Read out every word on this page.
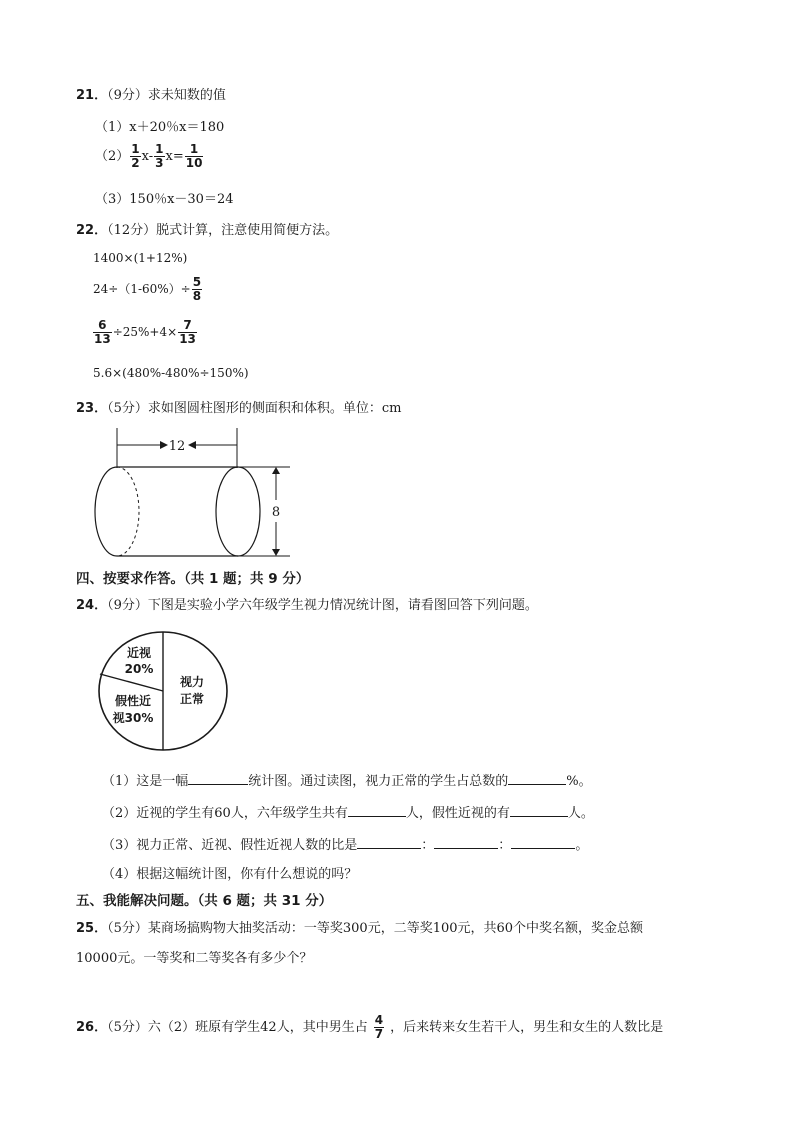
21．（9分）求未知数的值
（1）x＋20％x＝180
$(2) \frac{1}{2} x- \frac{1}{3} x= \frac{1}{10}$
（3）150％x－30＝24
22．（12分）脱式计算，注意使用简便方法。
1400×(1+12%)
$24\div(1-60\%)\div \frac{5}{8}$
$\frac{6}{13} \div 25\%+4\times \frac{7}{13}$
5.6×(480%-480%÷150%)
23．（5分）求如图圆柱图形的侧面积和体积。单位：cm
12
8
四、按要求作答。（共 1 题；共 9 分）
24．（9分）下图是实验小学六年级学生视力情况统计图，请看图回答下列问题。
近视
20%
假性近
视30%
视力
正常
（1）这是一幅	统计图。通过读图，视力正常的学生占总数的	%。
（2）近视的学生有60人，六年级学生共有	人，假性近视的有	人。
（3）视力正常、近视、假性近视人数的比是	：	：	。
（4）根据这幅统计图，你有什么想说的吗？
五、我能解决问题。（共 6 题；共 31 分）
25．（5分）某商场搞购物大抽奖活动：一等奖300元，二等奖100元，共60个中奖名额，奖金总额
10000元。一等奖和二等奖各有多少个？
26．（5分）六（2）班原有学生42人，其中男生占 $\frac{4}{7}$ ，后来转来女生若干人，男生和女生的人数比是
